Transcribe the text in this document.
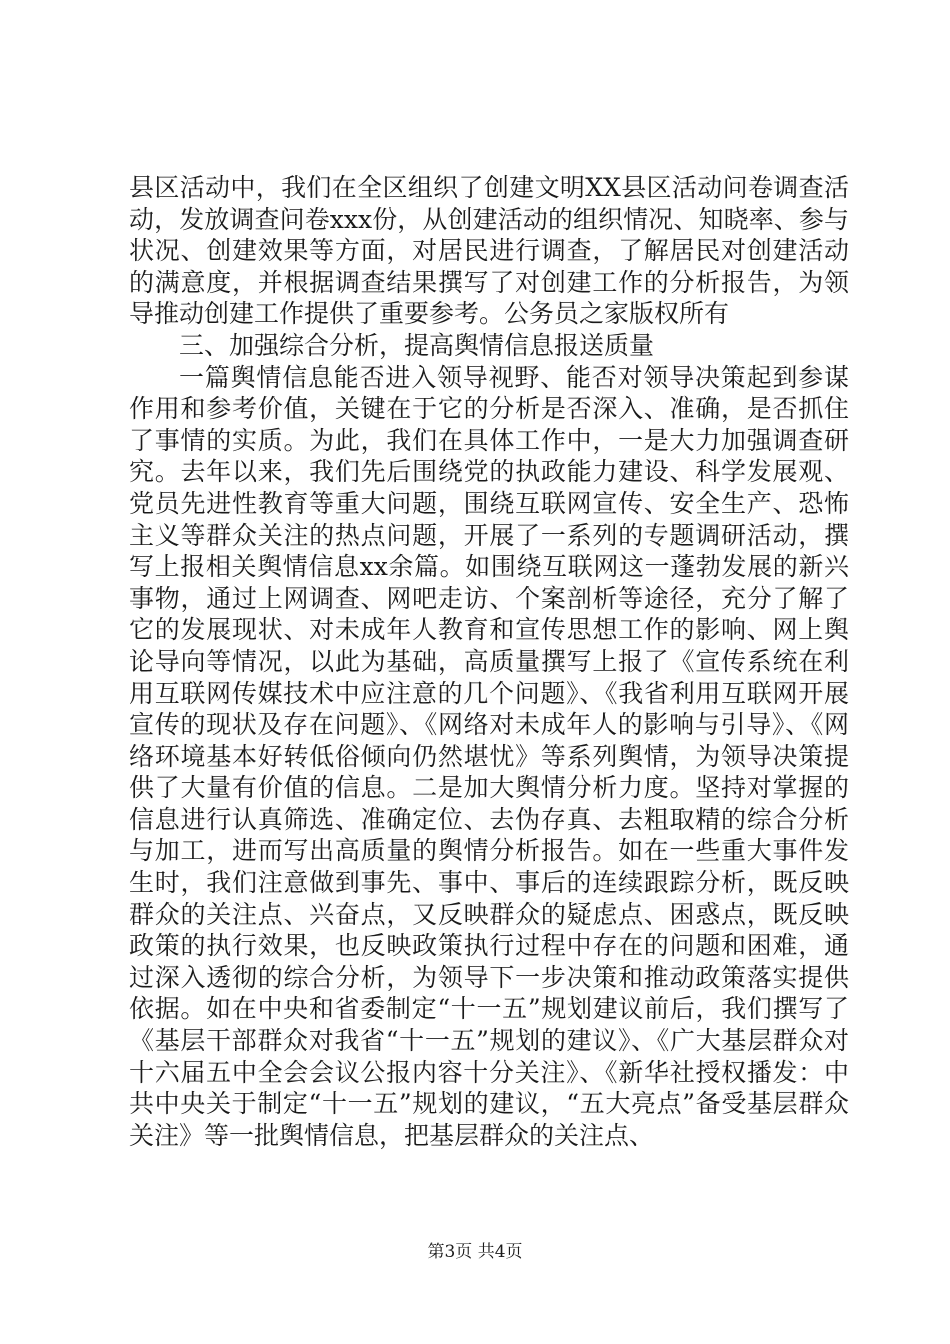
县区活动中，我们在全区组织了创建文明XX县区活动问卷调查活动，发放调查问卷xxx份，从创建活动的组织情况、知晓率、参与状况、创建效果等方面，对居民进行调查，了解居民对创建活动的满意度，并根据调查结果撰写了对创建工作的分析报告，为领导推动创建工作提供了重要参考。公务员之家版权所有

三、加强综合分析，提高舆情信息报送质量

一篇舆情信息能否进入领导视野、能否对领导决策起到参谋作用和参考价值，关键在于它的分析是否深入、准确，是否抓住了事情的实质。为此，我们在具体工作中，一是大力加强调查研究。去年以来，我们先后围绕党的执政能力建设、科学发展观、党员先进性教育等重大问题，围绕互联网宣传、安全生产、恐怖主义等群众关注的热点问题，开展了一系列的专题调研活动，撰写上报相关舆情信息xx余篇。如围绕互联网这一蓬勃发展的新兴事物，通过上网调查、网吧走访、个案剖析等途径，充分了解了它的发展现状、对未成年人教育和宣传思想工作的影响、网上舆论导向等情况，以此为基础，高质量撰写上报了《宣传系统在利用互联网传媒技术中应注意的几个问题》、《我省利用互联网开展宣传的现状及存在问题》、《网络对未成年人的影响与引导》、《网络环境基本好转低俗倾向仍然堪忧》等系列舆情，为领导决策提供了大量有价值的信息。二是加大舆情分析力度。坚持对掌握的信息进行认真筛选、准确定位、去伪存真、去粗取精的综合分析与加工，进而写出高质量的舆情分析报告。如在一些重大事件发生时，我们注意做到事先、事中、事后的连续跟踪分析，既反映群众的关注点、兴奋点，又反映群众的疑虑点、困惑点，既反映政策的执行效果，也反映政策执行过程中存在的问题和困难，通过深入透彻的综合分析，为领导下一步决策和推动政策落实提供依据。如在中央和省委制定“十一五”规划建议前后，我们撰写了《基层干部群众对我省“十一五”规划的建议》、《广大基层群众对十六届五中全会会议公报内容十分关注》、《新华社授权播发：中共中央关于制定“十一五”规划的建议，“五大亮点”备受基层群众关注》等一批舆情信息，把基层群众的关注点、

第3页 共4页
